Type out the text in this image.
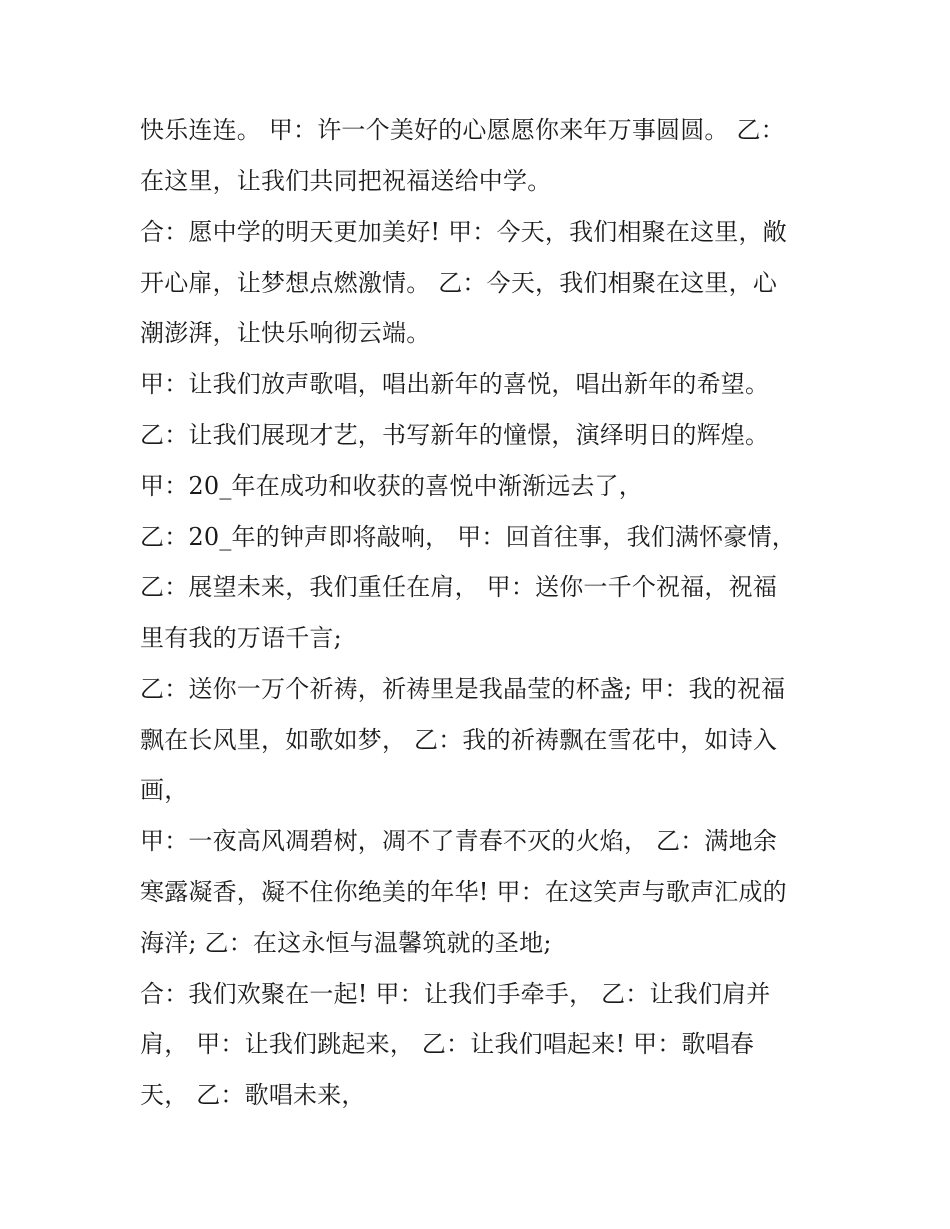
快乐连连。 甲：许一个美好的心愿愿你来年万事圆圆。 乙：
在这里，让我们共同把祝福送给中学。
合：愿中学的明天更加美好! 甲：今天，我们相聚在这里，敞
开心扉，让梦想点燃激情。 乙：今天，我们相聚在这里，心
潮澎湃，让快乐响彻云端。
甲：让我们放声歌唱，唱出新年的喜悦，唱出新年的希望。
乙：让我们展现才艺，书写新年的憧憬，演绎明日的辉煌。
甲：20_年在成功和收获的喜悦中渐渐远去了，
乙：20_年的钟声即将敲响， 甲：回首往事，我们满怀豪情，
乙：展望未来，我们重任在肩， 甲：送你一千个祝福，祝福
里有我的万语千言;
乙：送你一万个祈祷，祈祷里是我晶莹的杯盏; 甲：我的祝福
飘在长风里，如歌如梦， 乙：我的祈祷飘在雪花中，如诗入
画，
甲：一夜高风凋碧树，凋不了青春不灭的火焰， 乙：满地余
寒露凝香，凝不住你绝美的年华! 甲：在这笑声与歌声汇成的
海洋; 乙：在这永恒与温馨筑就的圣地;
合：我们欢聚在一起! 甲：让我们手牵手， 乙：让我们肩并
肩， 甲：让我们跳起来， 乙：让我们唱起来! 甲：歌唱春
天， 乙：歌唱未来，
